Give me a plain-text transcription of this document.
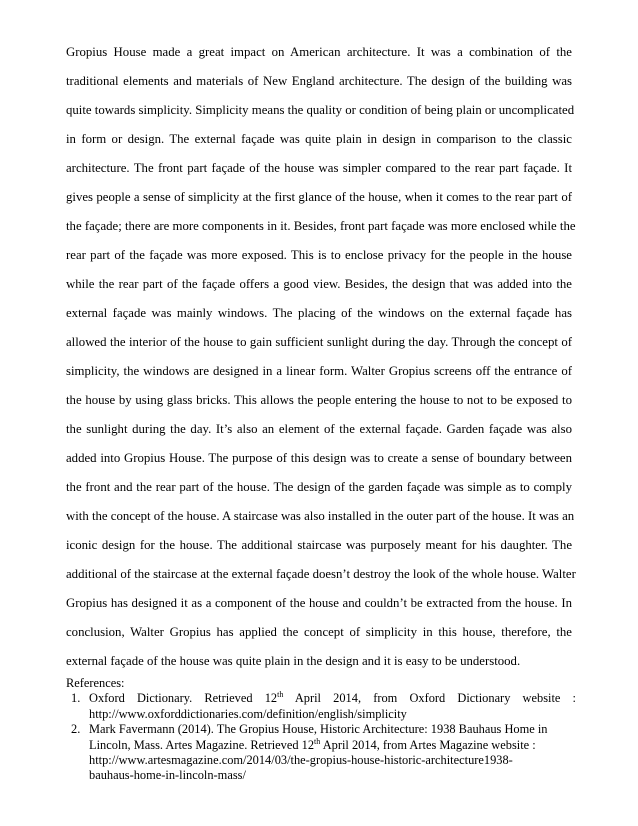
Gropius House made a great impact on American architecture. It was a combination of the
traditional elements and materials of New England architecture. The design of the building was
quite towards simplicity. Simplicity means the quality or condition of being plain or uncomplicated
in form or design. The external façade was quite plain in design in comparison to the classic
architecture. The front part façade of the house was simpler compared to the rear part façade. It
gives people a sense of simplicity at the first glance of the house, when it comes to the rear part of
the façade; there are more components in it. Besides, front part façade was more enclosed while the
rear part of the façade was more exposed. This is to enclose privacy for the people in the house
while the rear part of the façade offers a good view. Besides, the design that was added into the
external façade was mainly windows. The placing of the windows on the external façade has
allowed the interior of the house to gain sufficient sunlight during the day. Through the concept of
simplicity, the windows are designed in a linear form. Walter Gropius screens off the entrance of
the house by using glass bricks. This allows the people entering the house to not to be exposed to
the sunlight during the day. It’s also an element of the external façade. Garden façade was also
added into Gropius House. The purpose of this design was to create a sense of boundary between
the front and the rear part of the house. The design of the garden façade was simple as to comply
with the concept of the house. A staircase was also installed in the outer part of the house. It was an
iconic design for the house. The additional staircase was purposely meant for his daughter. The
additional of the staircase at the external façade doesn’t destroy the look of the whole house. Walter
Gropius has designed it as a component of the house and couldn’t be extracted from the house. In
conclusion, Walter Gropius has applied the concept of simplicity in this house, therefore, the
external façade of the house was quite plain in the design and it is easy to be understood.
References:
1. Oxford Dictionary. Retrieved 12th April 2014, from Oxford Dictionary website :
http://www.oxforddictionaries.com/definition/english/simplicity
2. Mark Favermann (2014). The Gropius House, Historic Architecture: 1938 Bauhaus Home in
Lincoln, Mass. Artes Magazine. Retrieved 12th April 2014, from Artes Magazine website :
http://www.artesmagazine.com/2014/03/the-gropius-house-historic-architecture1938-
bauhaus-home-in-lincoln-mass/
